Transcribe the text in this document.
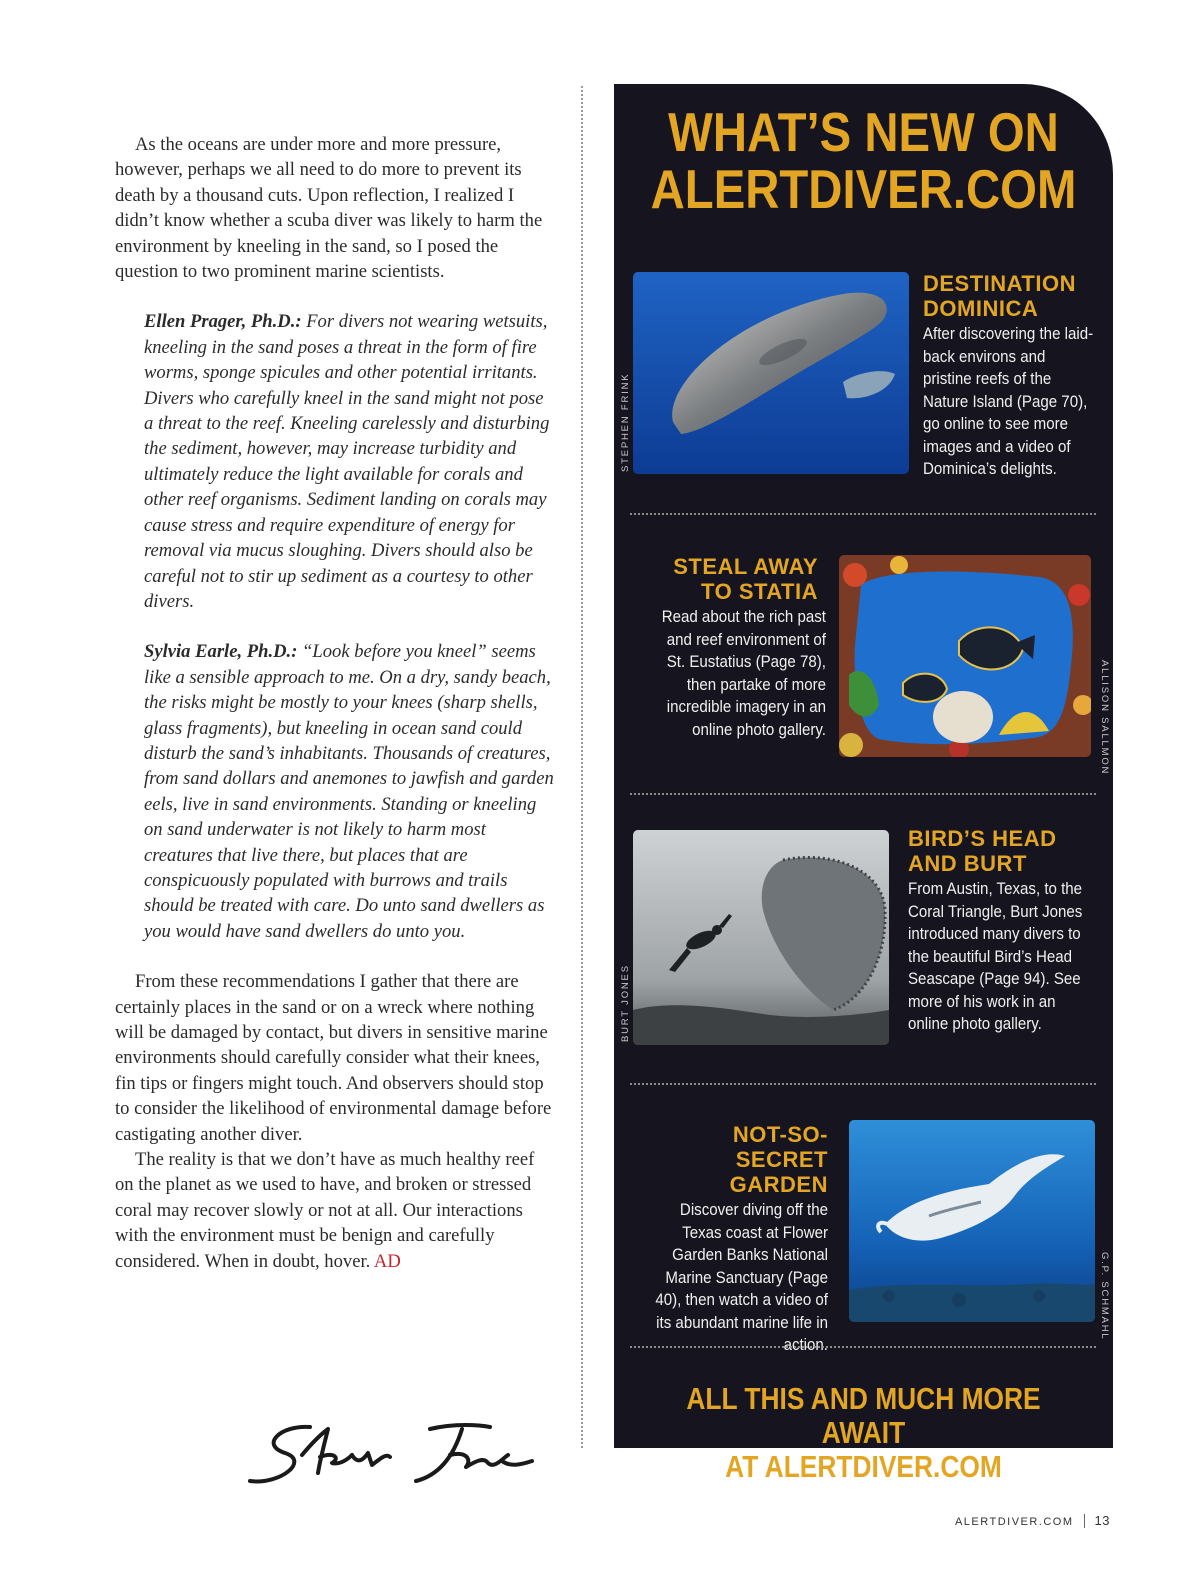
As the oceans are under more and more pressure, however, perhaps we all need to do more to prevent its death by a thousand cuts. Upon reflection, I realized I didn’t know whether a scuba diver was likely to harm the environment by kneeling in the sand, so I posed the question to two prominent marine scientists.

Ellen Prager, Ph.D.: For divers not wearing wetsuits, kneeling in the sand poses a threat in the form of fire worms, sponge spicules and other potential irritants. Divers who carefully kneel in the sand might not pose a threat to the reef. Kneeling carelessly and disturbing the sediment, however, may increase turbidity and ultimately reduce the light available for corals and other reef organisms. Sediment landing on corals may cause stress and require expenditure of energy for removal via mucus sloughing. Divers should also be careful not to stir up sediment as a courtesy to other divers.

Sylvia Earle, Ph.D.: “Look before you kneel” seems like a sensible approach to me. On a dry, sandy beach, the risks might be mostly to your knees (sharp shells, glass fragments), but kneeling in ocean sand could disturb the sand’s inhabitants. Thousands of creatures, from sand dollars and anemones to jawfish and garden eels, live in sand environments. Standing or kneeling on sand underwater is not likely to harm most creatures that live there, but places that are conspicuously populated with burrows and trails should be treated with care. Do unto sand dwellers as you would have sand dwellers do unto you.

From these recommendations I gather that there are certainly places in the sand or on a wreck where nothing will be damaged by contact, but divers in sensitive marine environments should carefully consider what their knees, fin tips or fingers might touch. And observers should stop to consider the likelihood of environmental damage before castigating another diver.

The reality is that we don’t have as much healthy reef on the planet as we used to have, and broken or stressed coral may recover slowly or not at all. Our interactions with the environment must be benign and carefully considered. When in doubt, hover. AD

WHAT’S NEW ON
ALERTDIVER.COM
STEPHEN FRINK

DESTINATION
DOMINICA

After discovering the laid-back environs and pristine reefs of the Nature Island (Page 70), go online to see more images and a video of Dominica’s delights.

STEAL AWAY
TO STATIA

Read about the rich past and reef environment of St. Eustatius (Page 78), then partake of more incredible imagery in an online photo gallery.	ALLISON SALLMON
BURT JONES

BIRD’S HEAD
AND BURT

From Austin, Texas, to the Coral Triangle, Burt Jones introduced many divers to the beautiful Bird’s Head Seascape (Page 94). See more of his work in an online photo gallery.

NOT-SO-
SECRET GARDEN

Discover diving off the Texas coast at Flower Garden Banks National Marine Sanctuary (Page 40), then watch a video of its abundant marine life in action.

G.P. SCHMAHL
ALL THIS AND MUCH MORE AWAIT
AT ALERTDIVER.COM
ALERTDIVER.COM 13
